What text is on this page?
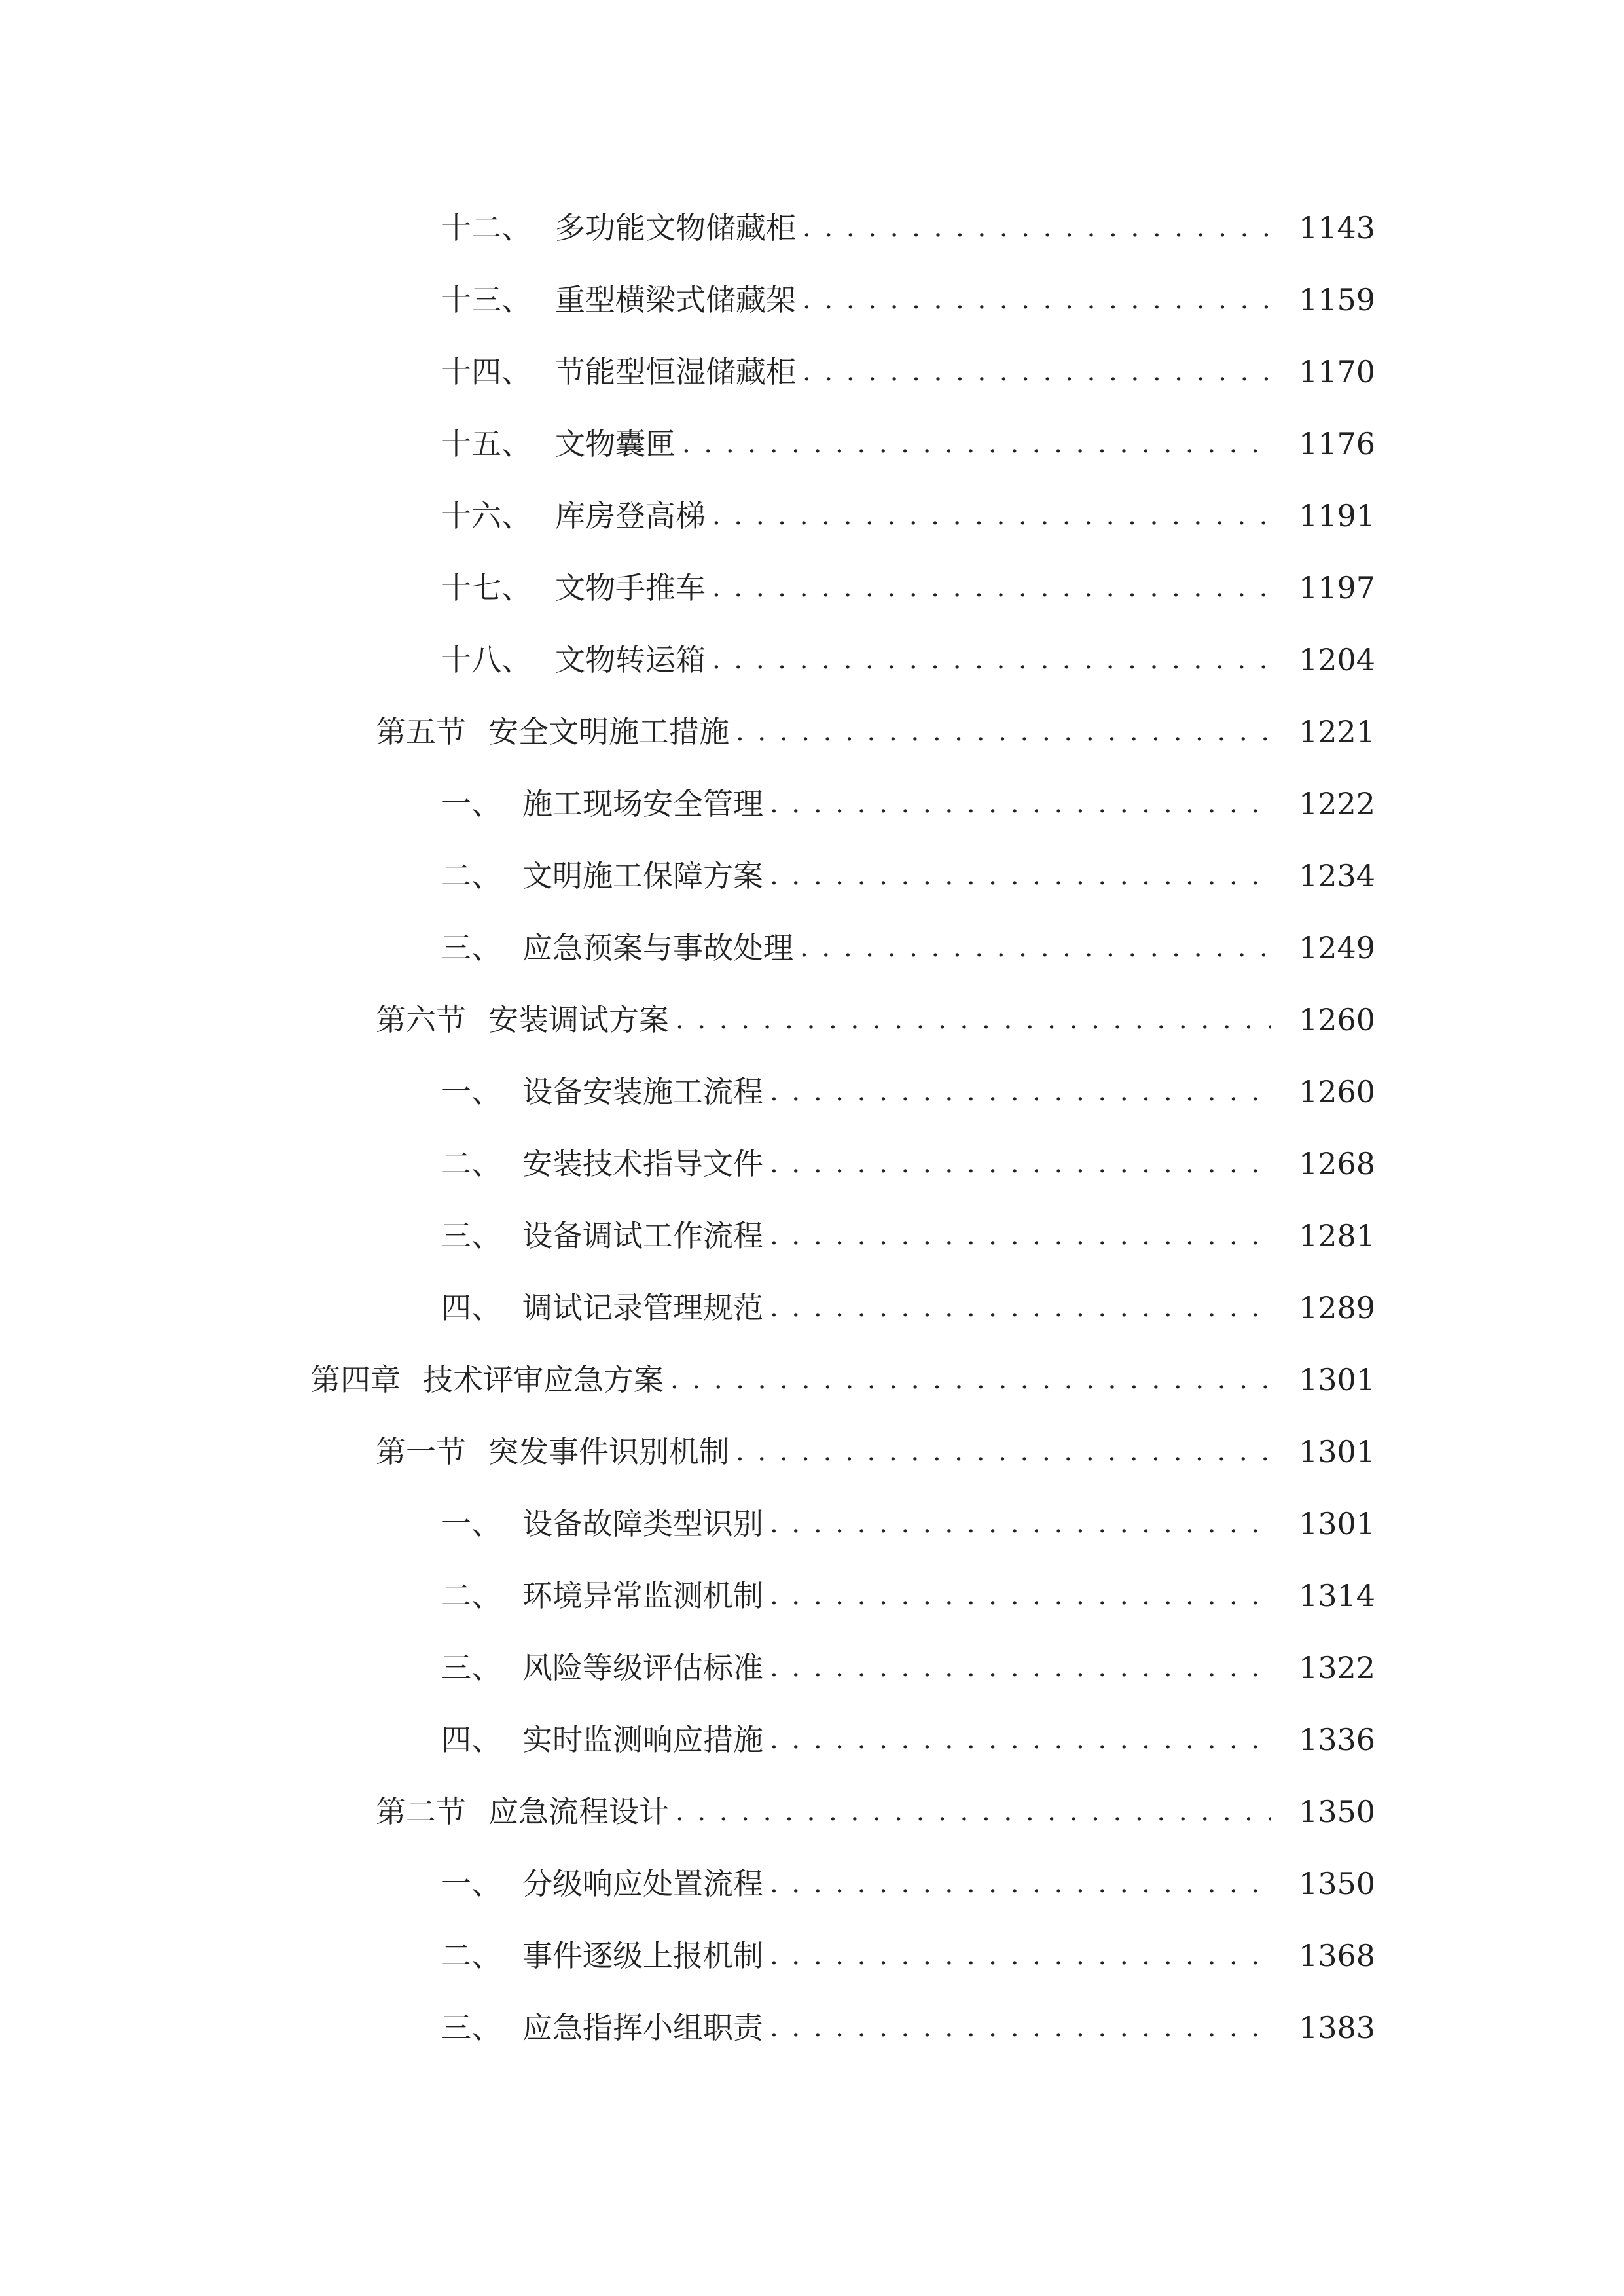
十二、 多功能文物储藏柜 . . .	1143
十三、 重型横梁式储藏架 . . .	1159
十四、 节能型恒湿储藏柜 . . .	1170
十五、 文物囊匣 . . .	1176
十六、 库房登高梯 . . .	1191
十七、 文物手推车 . . .	1197
十八、 文物转运箱 . . .	1204
第五节 安全文明施工措施 . . .	1221
一、 施工现场安全管理 . . .	1222
二、 文明施工保障方案 . . .	1234
三、 应急预案与事故处理 . . .	1249
第六节 安装调试方案 . . .	1260
一、 设备安装施工流程 . . .	1260
二、 安装技术指导文件 . . .	1268
三、 设备调试工作流程 . . .	1281
四、 调试记录管理规范 . . .	1289
第四章 技术评审应急方案 . . .	1301
第一节 突发事件识别机制 . . .	1301
一、 设备故障类型识别 . . .	1301
二、 环境异常监测机制 . . .	1314
三、 风险等级评估标准 . . .	1322
四、 实时监测响应措施 . . .	1336
第二节 应急流程设计 . . .	1350
一、 分级响应处置流程 . . .	1350
二、 事件逐级上报机制 . . .	1368
三、 应急指挥小组职责 . . .	1383
